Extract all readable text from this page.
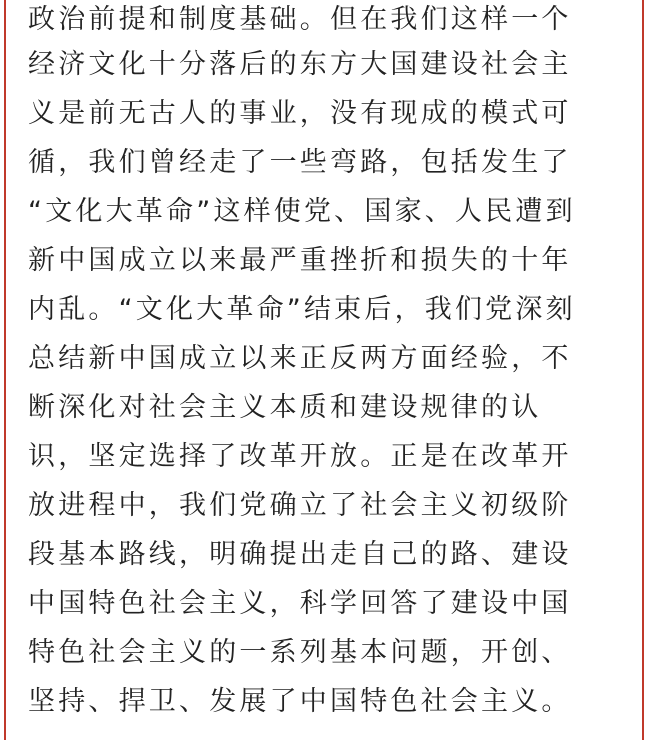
政治前提和制度基础。但在我们这样一个
经济文化十分落后的东方大国建设社会主
义是前无古人的事业，没有现成的模式可
循，我们曾经走了一些弯路，包括发生了
“文化大革命”这样使党、国家、人民遭到
新中国成立以来最严重挫折和损失的十年
内乱。“文化大革命”结束后，我们党深刻
总结新中国成立以来正反两方面经验，不
断深化对社会主义本质和建设规律的认
识，坚定选择了改革开放。正是在改革开
放进程中，我们党确立了社会主义初级阶
段基本路线，明确提出走自己的路、建设
中国特色社会主义，科学回答了建设中国
特色社会主义的一系列基本问题，开创、
坚持、捍卫、发展了中国特色社会主义。
